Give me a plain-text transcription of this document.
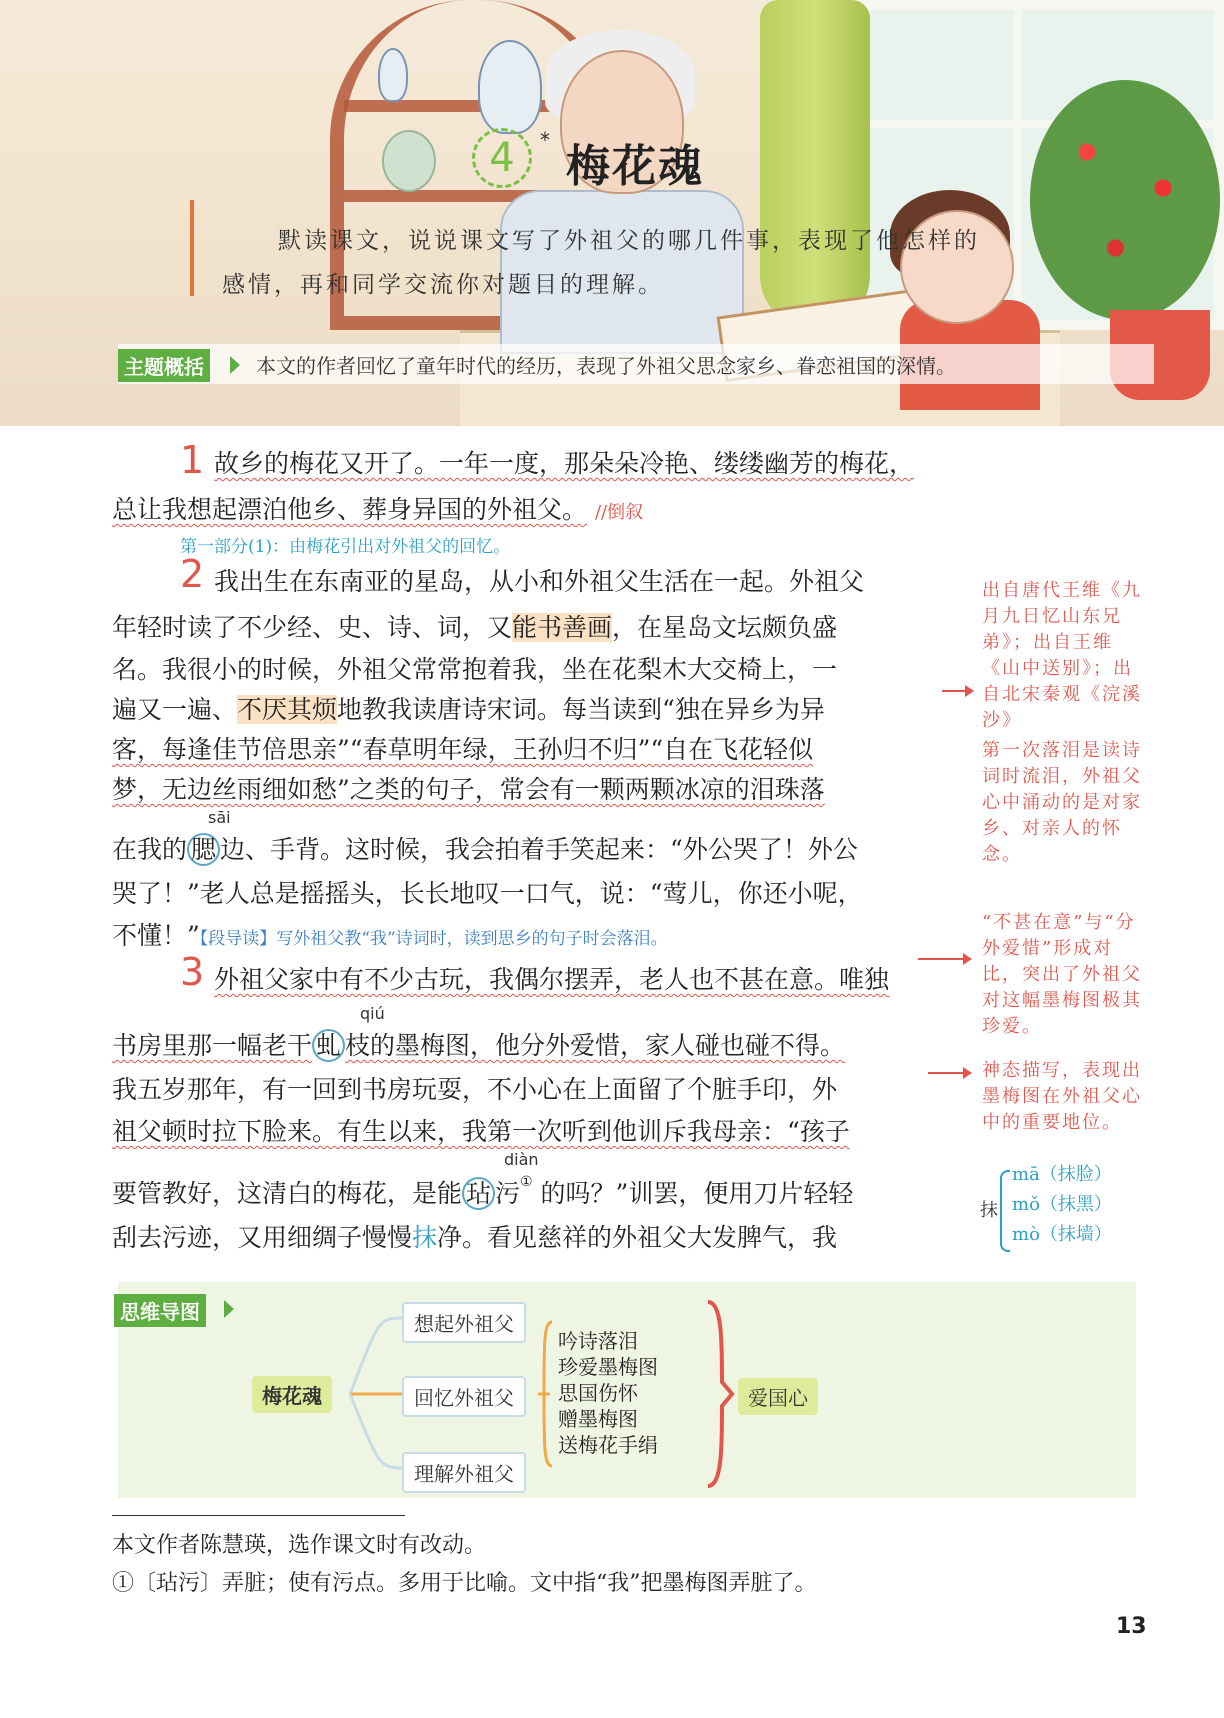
4	*
梅花魂
默读课文，说说课文写了外祖父的哪几件事，表现了他怎样的
感情，再和同学交流你对题目的理解。
主题概括	本文的作者回忆了童年时代的经历，表现了外祖父思念家乡、眷恋祖国的深情。
1 故乡的梅花又开了。一年一度，那朵朵冷艳、缕缕幽芳的梅花，
总让我想起漂泊他乡、葬身异国的外祖父。 //倒叙
第一部分(1)：由梅花引出对外祖父的回忆。
2 我出生在东南亚的星岛，从小和外祖父生活在一起。外祖父
年轻时读了不少经、史、诗、词，又能书善画，在星岛文坛颇负盛
名。我很小的时候，外祖父常常抱着我，坐在花梨木大交椅上，一
遍又一遍、不厌其烦地教我读唐诗宋词。每当读到“独在异乡为异
客，每逢佳节倍思亲”“春草明年绿，王孙归不归”“自在飞花轻似
梦，无边丝雨细如愁”之类的句子，常会有一颗两颗冰凉的泪珠落
sāi
在我的 腮 边、手背。这时候，我会拍着手笑起来：“外公哭了！外公
哭了！”老人总是摇摇头，长长地叹一口气，说：“莺儿，你还小呢，
不懂！”【段导读】写外祖父教“我”诗词时，读到思乡的句子时会落泪。
3 外祖父家中有不少古玩，我偶尔摆弄，老人也不甚在意。唯独
qiú
书房里那一幅老干 虬 枝的墨梅图，他分外爱惜，家人碰也碰不得。
我五岁那年，有一回到书房玩耍，不小心在上面留了个脏手印，外
祖父顿时拉下脸来。有生以来，我第一次听到他训斥我母亲：“孩子
diàn
要管教好，这清白的梅花，是能 玷 污① 的吗？”训罢，便用刀片轻轻
刮去污迹，又用细绸子慢慢抹净。看见慈祥的外祖父大发脾气，我
出自唐代王维《九月九日忆山东兄弟》；出自王维《山中送别》；出自北宋秦观《浣溪沙》
第一次落泪是读诗词时流泪，外祖父心中涌动的是对家乡、对亲人的怀念。
“不甚在意”与“分外爱惜”形成对比，突出了外祖父对这幅墨梅图极其珍爱。
神态描写，表现出墨梅图在外祖父心中的重要地位。
抹
mā（抹脸）
mǒ（抹黑）
mò（抹墙）
思维导图
梅花魂
想起外祖父
回忆外祖父
理解外祖父
吟诗落泪
珍爱墨梅图
思国伤怀
赠墨梅图
送梅花手绢
爱国心
本文作者陈慧瑛，选作课文时有改动。
①〔玷污〕弄脏；使有污点。多用于比喻。文中指“我”把墨梅图弄脏了。
13
